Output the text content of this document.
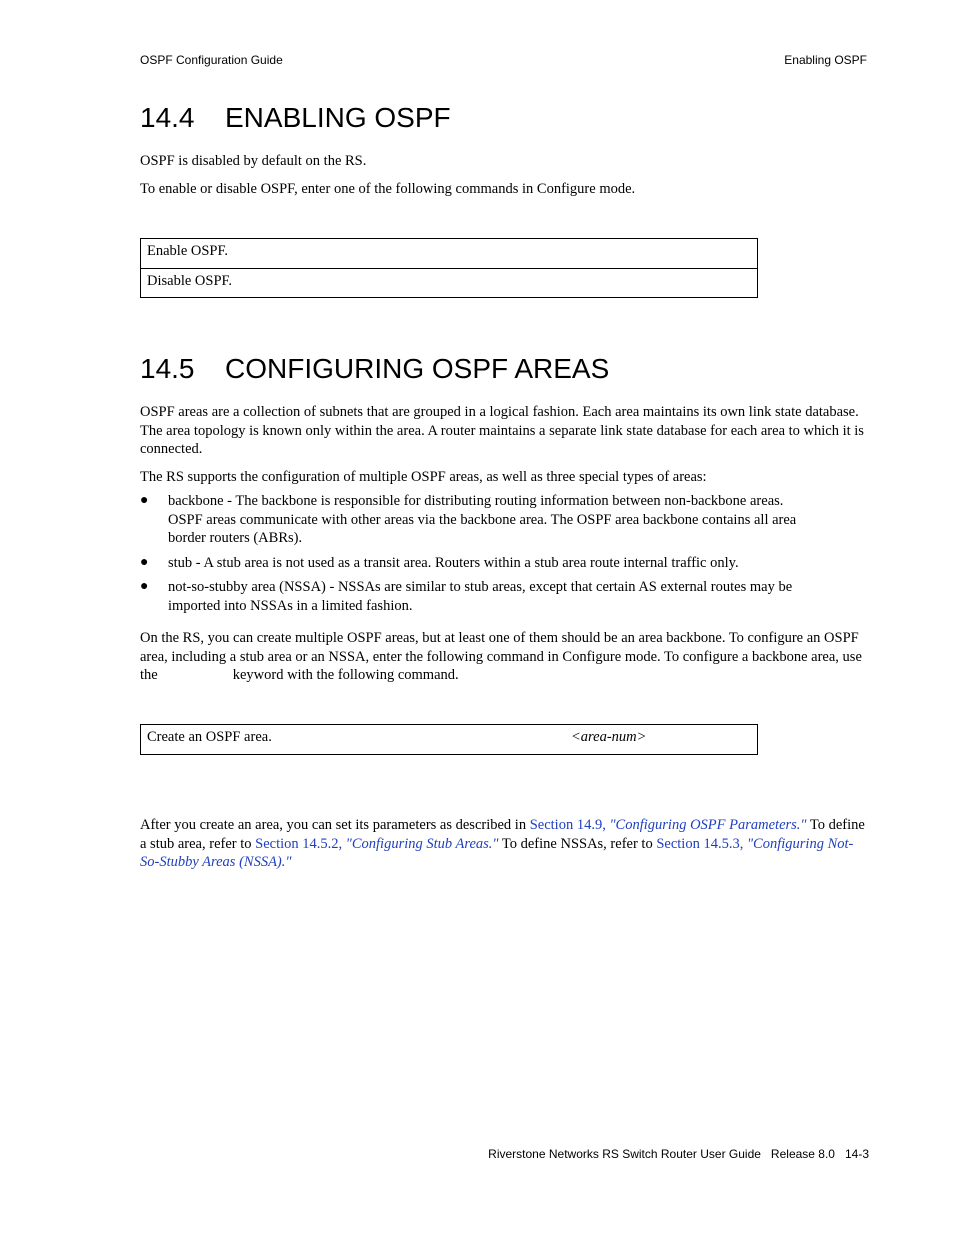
OSPF Configuration Guide	Enabling OSPF
14.4 ENABLING OSPF
OSPF is disabled by default on the RS.
To enable or disable OSPF, enter one of the following commands in Configure mode.
Enable OSPF.
Disable OSPF.
14.5 CONFIGURING OSPF AREAS
OSPF areas are a collection of subnets that are grouped in a logical fashion. Each area maintains its own link state database. The area topology is known only within the area. A router maintains a separate link state database for each area to which it is connected.
The RS supports the configuration of multiple OSPF areas, as well as three special types of areas:
● backbone - The backbone is responsible for distributing routing information between non-backbone areas. OSPF areas communicate with other areas via the backbone area. The OSPF area backbone contains all area border routers (ABRs).
● stub - A stub area is not used as a transit area. Routers within a stub area route internal traffic only.
● not-so-stubby area (NSSA) - NSSAs are similar to stub areas, except that certain AS external routes may be imported into NSSAs in a limited fashion.
On the RS, you can create multiple OSPF areas, but at least one of them should be an area backbone. To configure an OSPF area, including a stub area or an NSSA, enter the following command in Configure mode. To configure a backbone area, use the	keyword with the following command.
Create an OSPF area.	<area-num>
After you create an area, you can set its parameters as described in Section 14.9, "Configuring OSPF Parameters." To define a stub area, refer to Section 14.5.2, "Configuring Stub Areas." To define NSSAs, refer to Section 14.5.3, "Configuring Not-So-Stubby Areas (NSSA)."
Riverstone Networks RS Switch Router User Guide   Release 8.0   14-3
